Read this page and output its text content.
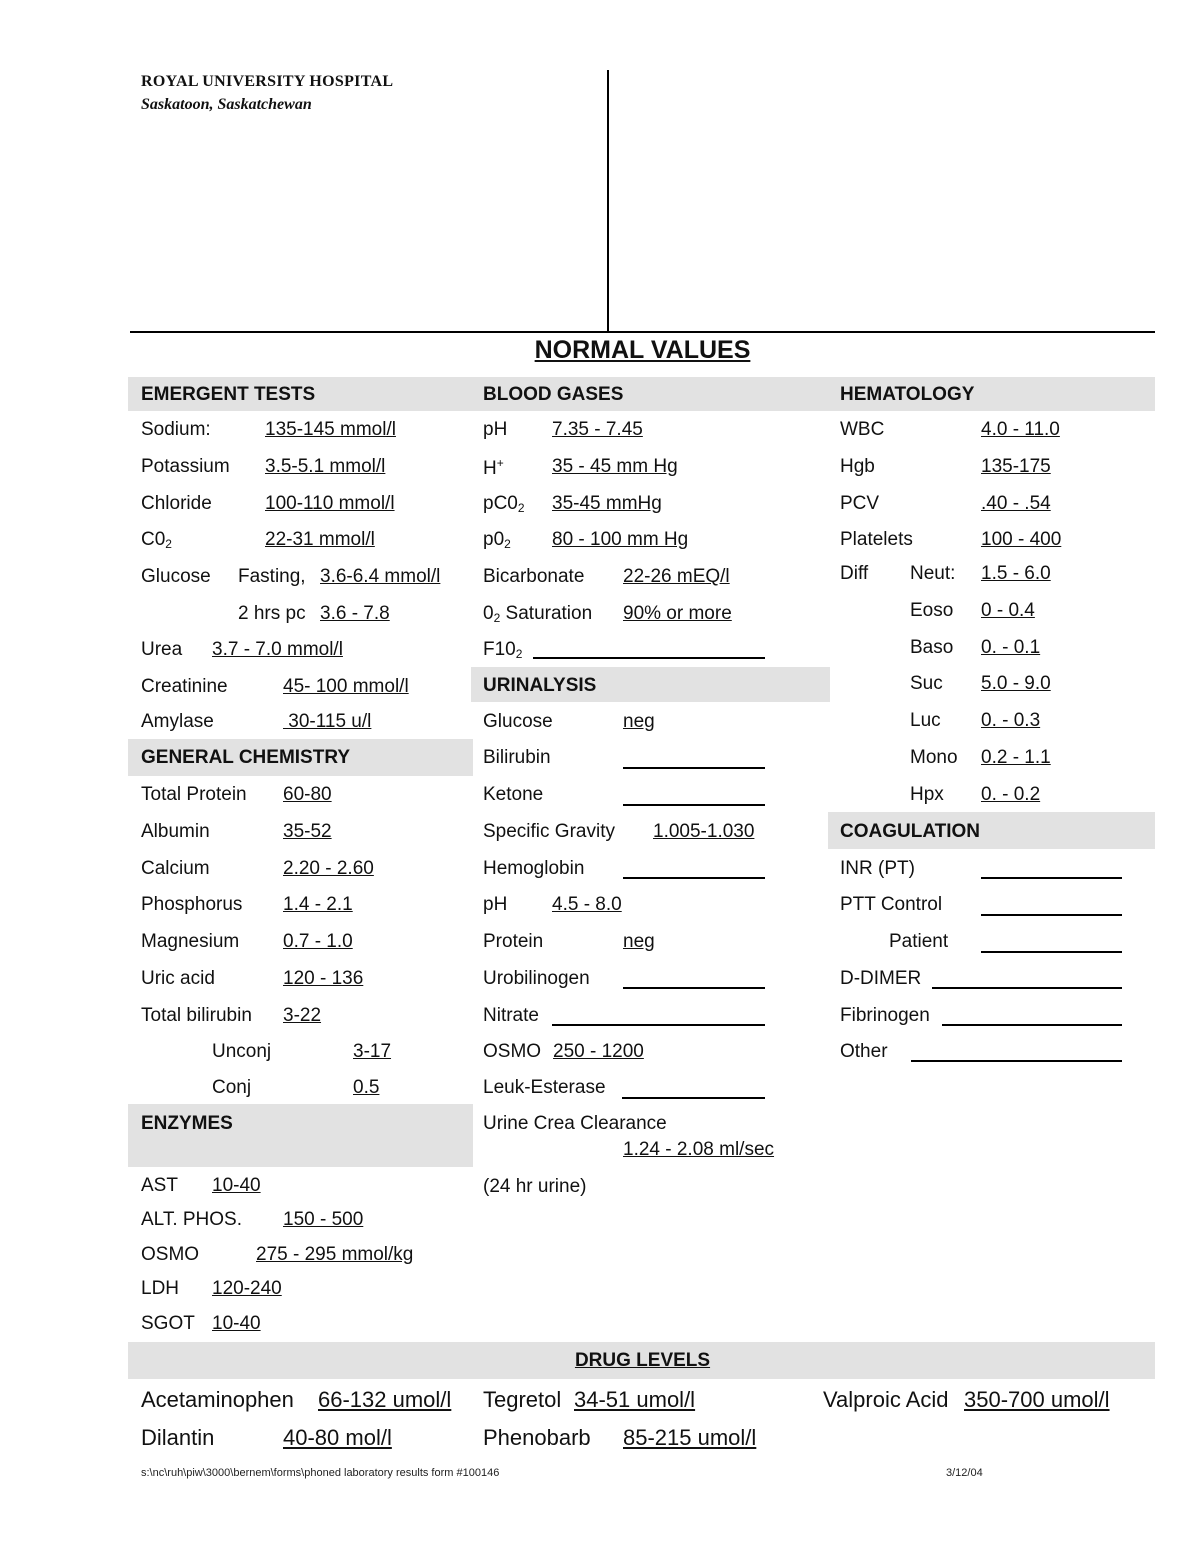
ROYAL UNIVERSITY HOSPITAL
Saskatoon, Saskatchewan
NORMAL VALUES
EMERGENT TESTS
Sodium:	135-145 mmol/l
Potassium 3.5-5.1 mmol/l
Chloride	100-110 mmol/l
$C0_2$	22-31 mmol/l
Glucose Fasting, 3.6-6.4 mmol/l
2 hrs pc 3.6 - 7.8
Urea 3.7 - 7.0 mmol/l
Creatinine	45- 100 mmol/l
Amylase	30-115 u/l
GENERAL CHEMISTRY
Total Protein 60-80
Albumin	35-52
Calcium	2.20 - 2.60
Phosphorus 1.4 - 2.1
Magnesium 0.7 - 1.0
Uric acid	120 - 136
Total bilirubin 3-22
Unconj	3-17
Conj	0.5
ENZYMES
AST 10-40
ALT. PHOS. 150 - 500
OSMO	275 - 295 mmol/kg
LDH 120-240
SGOT 10-40
BLOOD GASES
pH 7.35 - 7.45
H+	35 - 45 mm Hg
$pC0_2$ 35-45 mmHg
$p0_2$ 80 - 100 mm Hg
Bicarbonate 22-26 mEQ/l
$0_2$ Saturation 90% or more
$F10_2$
URINALYSIS
Glucose	neg
Bilirubin
Ketone
Specific Gravity 1.005-1.030
Hemoglobin
pH 4.5 - 8.0
Protein	neg
Urobilinogen
Nitrate
OSMO 250 - 1200
Leuk-Esterase
Urine Crea Clearance
1.24 - 2.08 ml/sec
(24 hr urine)
HEMATOLOGY
WBC	4.0 - 11.0
Hgb	135-175
PCV	.40 - .54
Platelets	100 - 400
Diff Neut: 1.5 - 6.0
Eoso 0 - 0.4
Baso 0. - 0.1
Suc 5.0 - 9.0
Luc 0. - 0.3
Mono 0.2 - 1.1
Hpx 0. - 0.2
COAGULATION
INR (PT)
PTT Control
Patient
D-DIMER
Fibrinogen
Other
DRUG LEVELS
Acetaminophen 66-132 umol/l Tegretol 34-51 umol/l	Valproic Acid 350-700 umol/l
Dilantin	40-80 mol/l	Phenobarb 85-215 umol/l
s:\nc\ruh\piw\3000\bernem\forms\phoned laboratory results form #100146	3/12/04
